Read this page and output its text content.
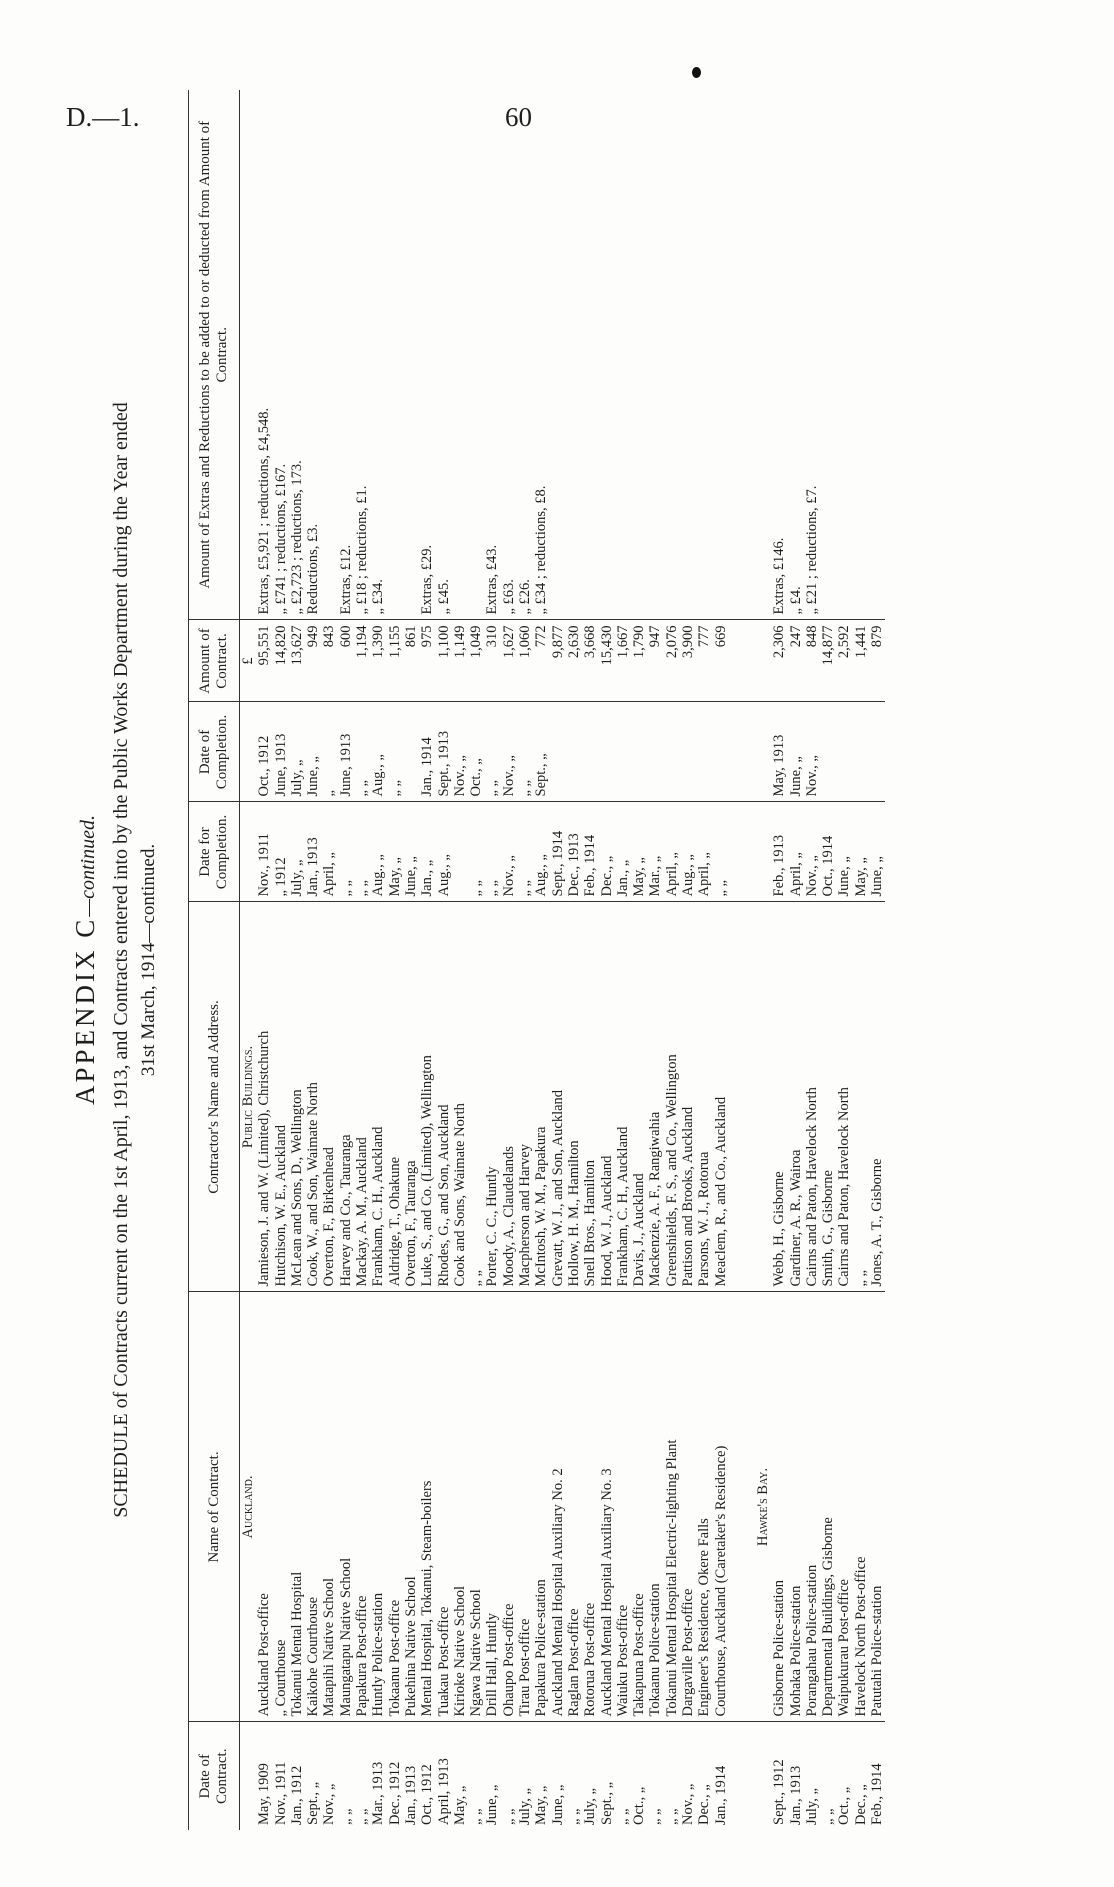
D.—1.	60
APPENDIX C—continued. SCHEDULE of Contracts current on the 1st April, 1913, and Contracts entered into by the Public Works Department during the Year ended 31st March, 1914—continued.
Date of Contract.	Name of Contract.	Contractor's Name and Address.	Date for Completion.	Date of Completion.	Amount of Contract.	Amount of Extras and Reductions to be added to or deducted from Amount of Contract.
	Auckland.	Public Buildings.			£	
May, 1909	Auckland Post-office	Jamieson, J. and W. (Limited), Christchurch	Nov., 1911	Oct., 1912	95,551	Extras, £5,921 ; reductions, £4,548.
Nov., 1911	„ Courthouse	Hutchison, W. E., Auckland	„ 1912	June, 1913	14,820	„ £741 ; reductions, £167.
Jan., 1912	Tokanui Mental Hospital	McLean and Sons, D., Wellington	July, „	July, „	13,627	„ £2,723 ; reductions, 173.
Sept., „	Kaikohe Courthouse	Cook, W., and Son, Waimate North	Jan., 1913	June, „	949	Reductions, £3.
Nov., „	Matapihi Native School	Overton, F., Birkenhead	April, „	„	843	
„ „	Maungatapu Native School	Harvey and Co., Tauranga	„ „	June, 1913	600	Extras, £12.
„ „	Papakura Post-office	Mackay, A. M., Auckland	„ „	„ „	1,194	„ £18 ; reductions, £1.
Mar., 1913	Huntly Police-station	Frankham, C. H., Auckland	Aug., „	Aug., „	1,390	„ £34.
Dec., 1912	Tokaanu Post-office	Aldridge, T., Ohakune	May, „	„ „	1,155	
Jan., 1913	Pukehina Native School	Overton, F., Tauranga	June, „		861	
Oct., 1912	Mental Hospital, Tokanui, Steam-boilers	Luke, S., and Co. (Limited), Wellington	Jan., „	Jan., 1914	975	Extras, £29.
April, 1913	Tuakau Post-office	Rhodes, G., and Son, Auckland	Aug., „	Sept., 1913	1,100	„ £45.
May, „	Kirioke Native School	Cook and Sons, Waimate North		Nov., „	1,149	
„ „	Ngawa Native School	„ „	„ „	Oct., „	1,049	
June, „	Drill Hall, Huntly	Porter, C. C., Huntly	„ „	„ „	310	Extras, £43.
„ „	Ohaupo Post-office	Moody, A., Claudelands	Nov., „	Nov., „	1,627	„ £63.
July, „	Tirau Post-office	Macpherson and Harvey	„ „	„ „	1,060	„ £26.
May, „	Papakura Police-station	McIntosh, W. M., Papakura	Aug., „	Sept., „	772	„ £34 ; reductions, £8.
June, „	Auckland Mental Hospital Auxiliary No. 2	Grevatt, W. J., and Son, Auckland	Sept., 1914		9,877	
„ „	Raglan Post-office	Hollow, H. M., Hamilton	Dec., 1913		2,630	
July, „	Rotorua Post-office	Snell Bros., Hamilton	Feb., 1914		3,668	
Sept., „	Auckland Mental Hospital Auxiliary No. 3	Hood, W. J., Auckland	Dec., „		15,430	
„ „	Waiuku Post-office	Frankham, C. H., Auckland	Jan., „		1,667	
Oct., „	Takapuna Post-office	Davis, J., Auckland	May, „		1,790	
„ „	Tokaanu Police-station	Mackenzie, A. F., Rangiwahia	Mar., „		947	
„ „	Tokanui Mental Hospital Electric-lighting Plant	Greenshields, F. S., and Co., Wellington	April, „		2,076	
Nov., „	Dargaville Post-office	Pattison and Brooks, Auckland	Aug., „		3,900	
Dec., „	Engineer's Residence, Okere Falls	Parsons, W. J., Rotorua	April, „		777	
Jan., 1914	Courthouse, Auckland (Caretaker's Residence)	Meaclem, R., and Co., Auckland	„ „		669	

	Hawke's Bay.					
Sept., 1912	Gisborne Police-station	Webb, H., Gisborne	Feb., 1913	May, 1913	2,306	Extras, £146.
Jan., 1913	Mohaka Police-station	Gardiner, A. R., Wairoa	April, „	June, „	247	„ £4.
July, „	Porangahau Police-station	Cairns and Paton, Havelock North	Nov., „	Nov., „	848	„ £21 ; reductions, £7.
„ „	Departmental Buildings, Gisborne	Smith, G., Gisborne	Oct., 1914		14,877	
Oct., „	Waipukurau Post-office	Cairns and Paton, Havelock North	June, „		2,592	
Dec., „	Havelock North Post-office	„ „	May, „		1,441	
Feb., 1914	Patutahi Police-station	Jones, A. T., Gisborne	June, „		879	
